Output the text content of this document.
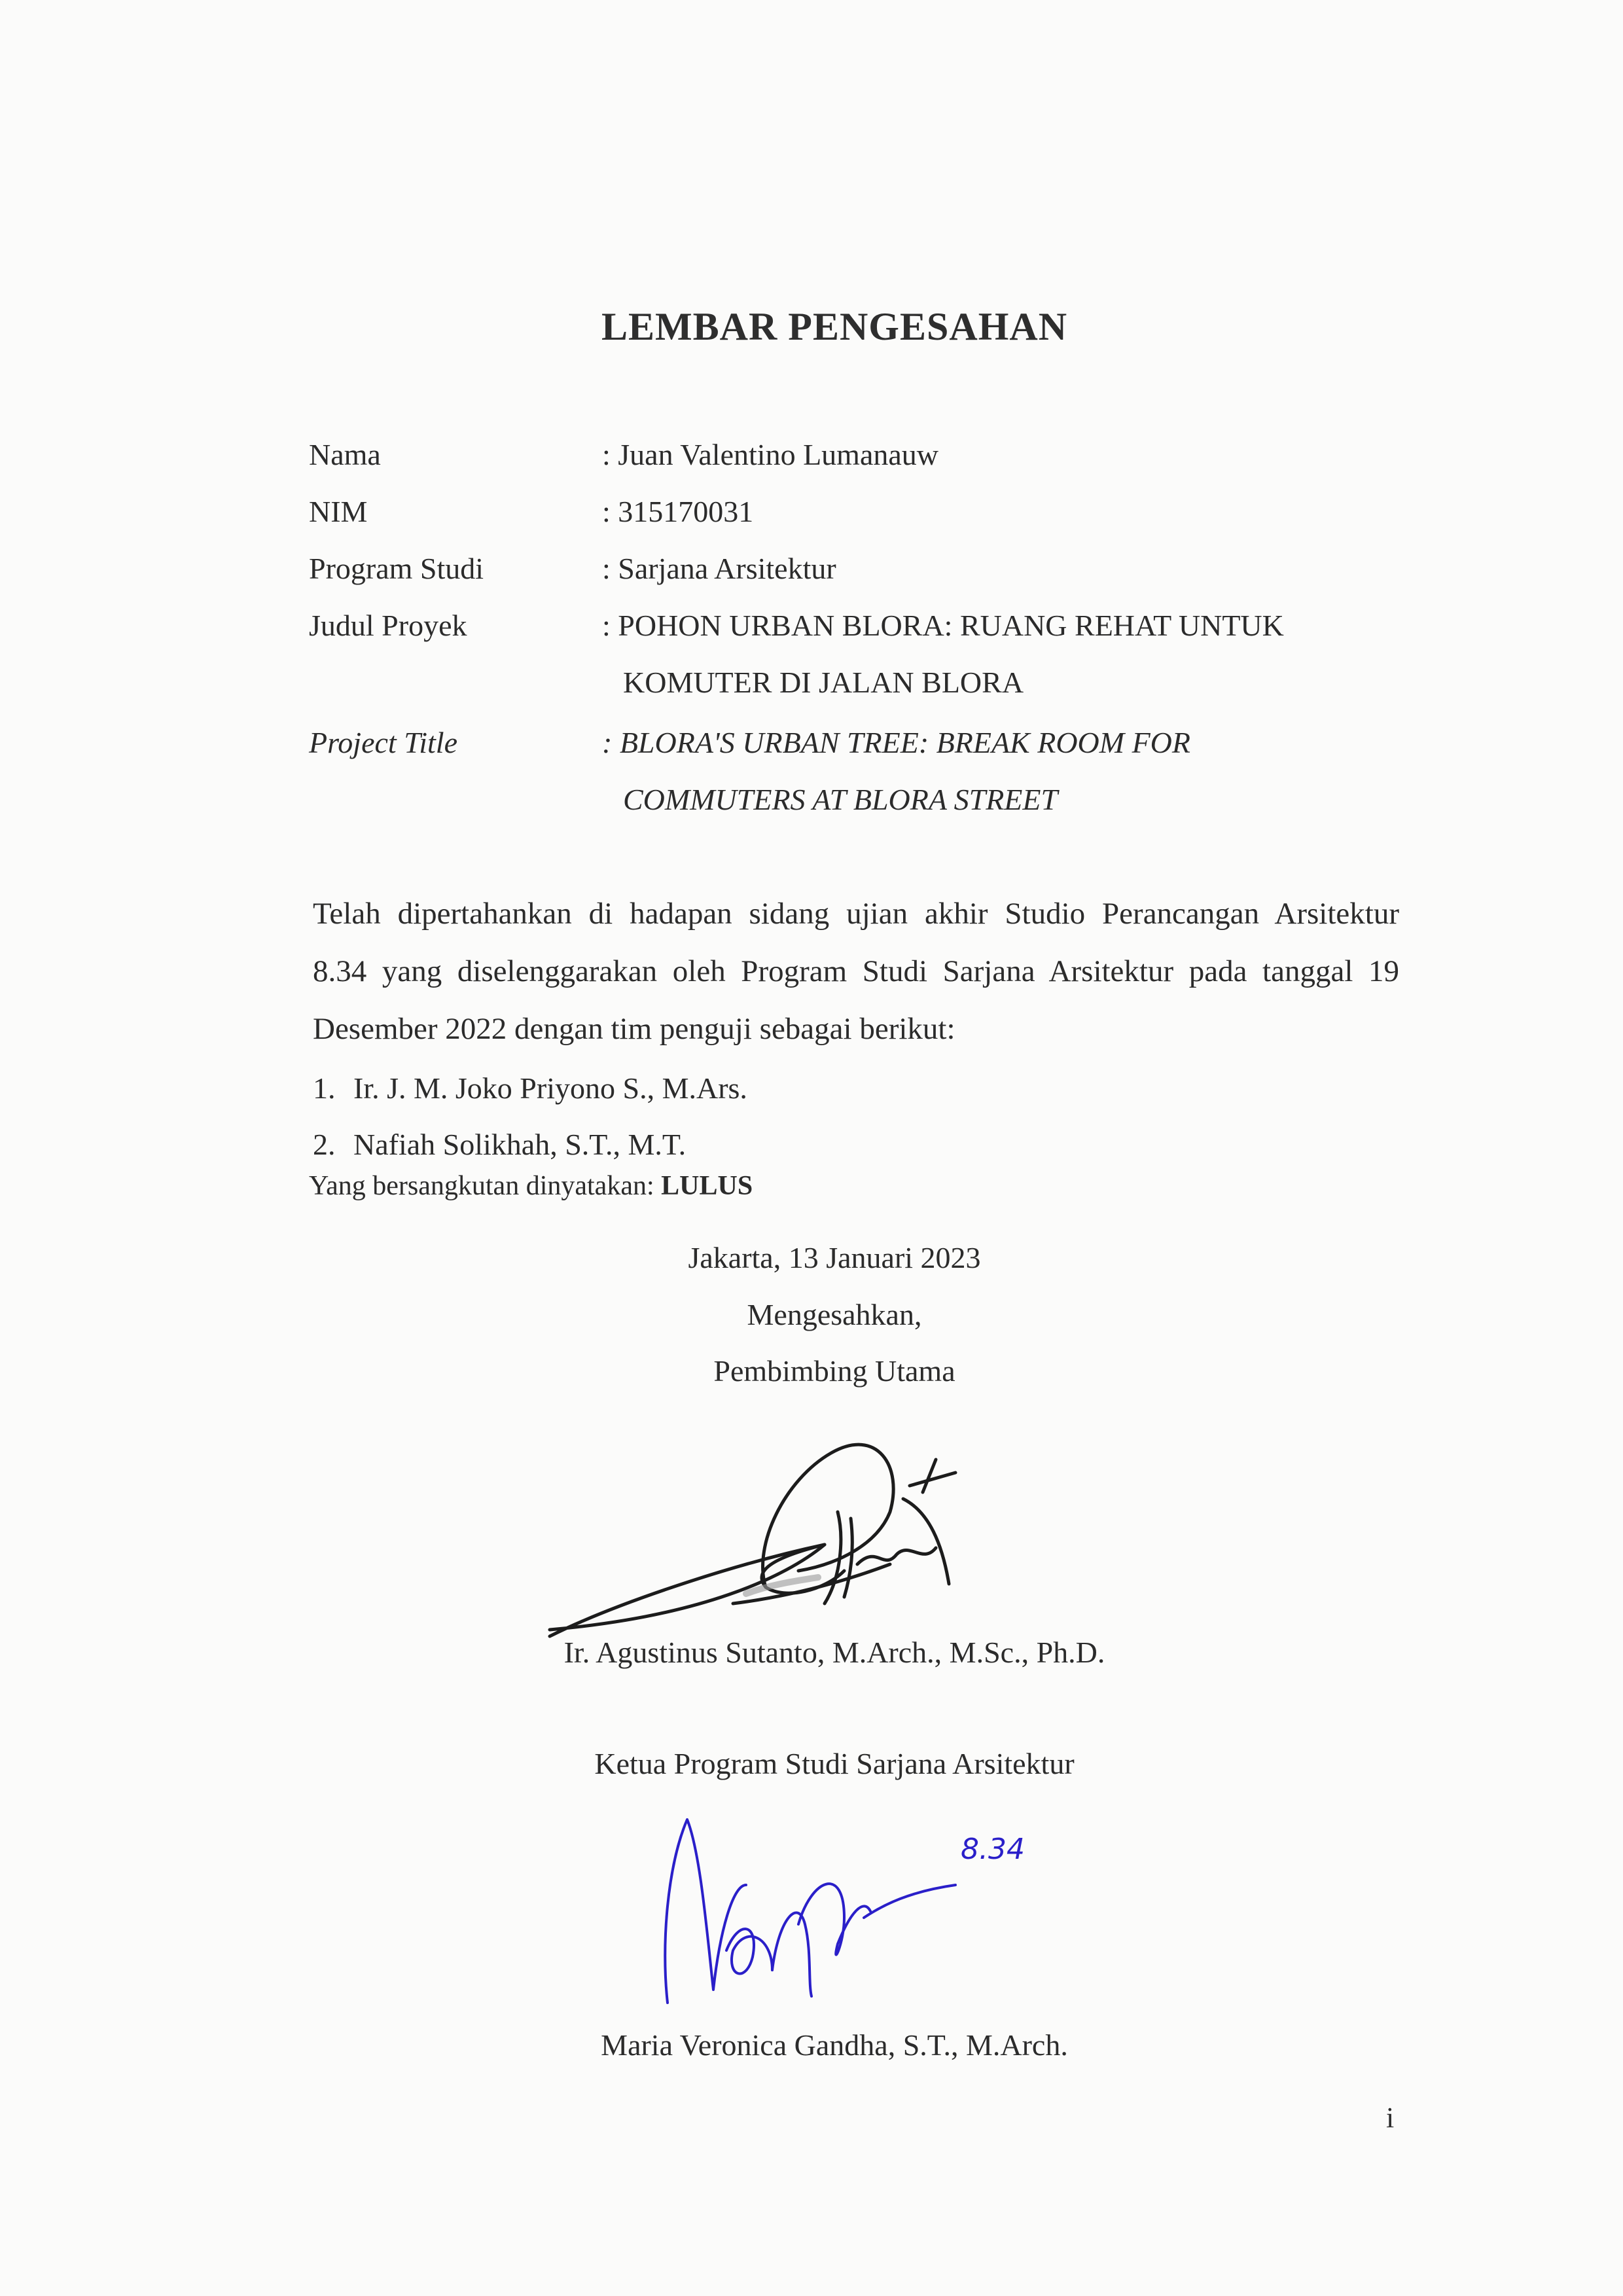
LEMBAR PENGESAHAN
Nama	: Juan Valentino Lumanauw
NIM	: 315170031
Program Studi	: Sarjana Arsitektur
Judul Proyek	: POHON URBAN BLORA: RUANG REHAT UNTUK
KOMUTER DI JALAN BLORA
Project Title	: BLORA'S URBAN TREE: BREAK ROOM FOR
COMMUTERS AT BLORA STREET
Telah dipertahankan di hadapan sidang ujian akhir Studio Perancangan Arsitektur
8.34 yang diselenggarakan oleh Program Studi Sarjana Arsitektur pada tanggal 19
Desember 2022 dengan tim penguji sebagai berikut:
1. Ir. J. M. Joko Priyono S., M.Ars.
2. Nafiah Solikhah, S.T., M.T.
Yang bersangkutan dinyatakan: LULUS
Jakarta, 13 Januari 2023
Mengesahkan,
Pembimbing Utama
Ir. Agustinus Sutanto, M.Arch., M.Sc., Ph.D.
Ketua Program Studi Sarjana Arsitektur
8.34
Maria Veronica Gandha, S.T., M.Arch.
i
